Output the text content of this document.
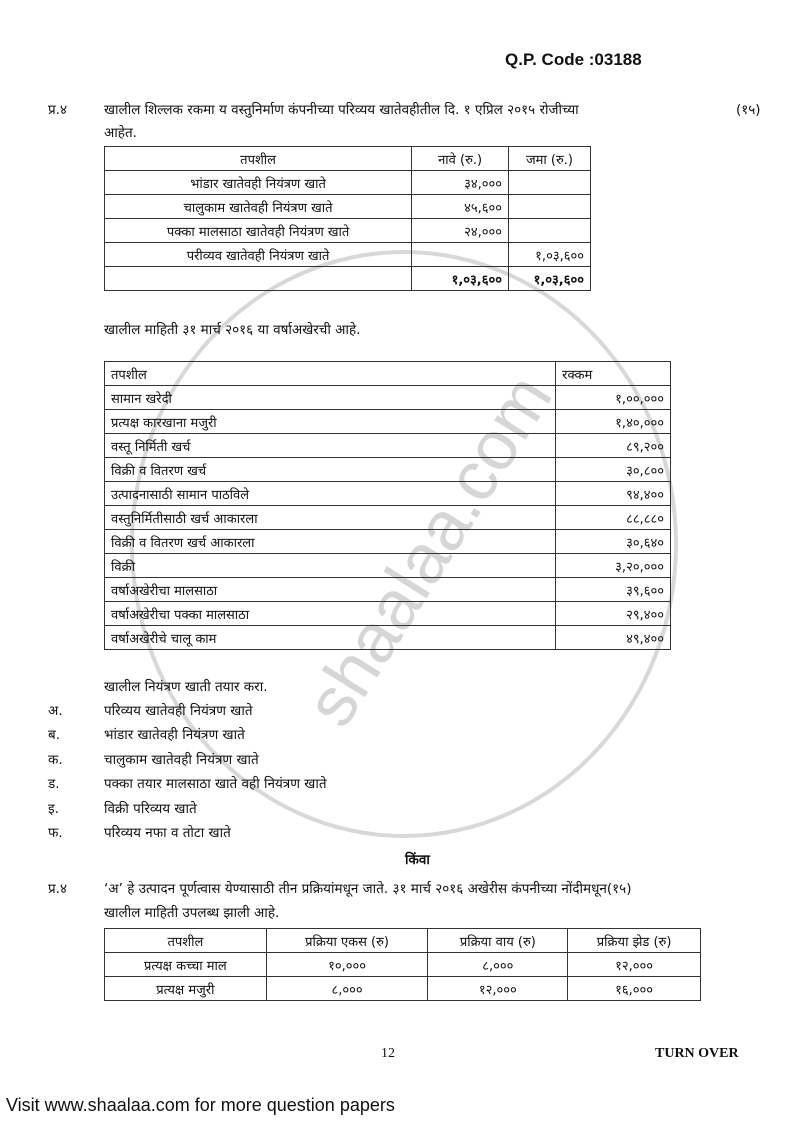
shaalaa.com
Q.P. Code :03188
प्र.४	खालील शिल्लक रकमा य वस्तुनिर्माण कंपनीच्या परिव्यय खातेवहीतील दि. १ एप्रिल २०१५ रोजीच्या	(१५)
आहेत.
तपशील	नावे (रु.)	जमा (रु.)
भांडार खातेवही नियंत्रण खाते	३४,०००	
चालुकाम खातेवही नियंत्रण खाते	४५,६००	
पक्का मालसाठा खातेवही नियंत्रण खाते	२४,०००	
परीव्यव खातेवही नियंत्रण खाते		१,०३,६००
	१,०३,६००	१,०३,६००
खालील माहिती ३१ मार्च २०१६ या वर्षाअखेरची आहे.
तपशील	रक्कम
सामान खरेदी	१,००,०००
प्रत्यक्ष कारखाना मजुरी	१,४०,०००
वस्तू निर्मिती खर्च	८९,२००
विक्री व वितरण खर्च	३०,८००
उत्पादनासाठी सामान पाठविले	९४,४००
वस्तुनिर्मितीसाठी खर्च आकारला	८८,८८०
विक्री व वितरण खर्च आकारला	३०,६४०
विक्री	३,२०,०००
वर्षाअखेरीचा मालसाठा	३९,६००
वर्षाअखेरीचा पक्का मालसाठा	२९,४००
वर्षाअखेरीचे चालू काम	४९,४००
खालील नियंत्रण खाती तयार करा.
अ.	परिव्यय खातेवही नियंत्रण खाते
ब.	भांडार खातेवही नियंत्रण खाते
क.	चालुकाम खातेवही नियंत्रण खाते
ड.	पक्का तयार मालसाठा खाते वही नियंत्रण खाते
इ.	विक्री परिव्यय खाते
फ.	परिव्यय नफा व तोटा खाते
किंवा
प्र.४	‘अ’ हे उत्पादन पूर्णत्वास येण्यासाठी तीन प्रक्रियांमधून जाते. ३१ मार्च २०१६ अखेरीस कंपनीच्या नोंदीमधून(१५)
खालील माहिती उपलब्ध झाली आहे.
तपशील	प्रक्रिया एकस (रु)	प्रक्रिया वाय (रु)	प्रक्रिया झेड (रु)
प्रत्यक्ष कच्चा माल	१०,०००	८,०००	१२,०००
प्रत्यक्ष मजुरी	८,०००	१२,०००	१६,०००
12	TURN OVER
Visit www.shaalaa.com for more question papers
